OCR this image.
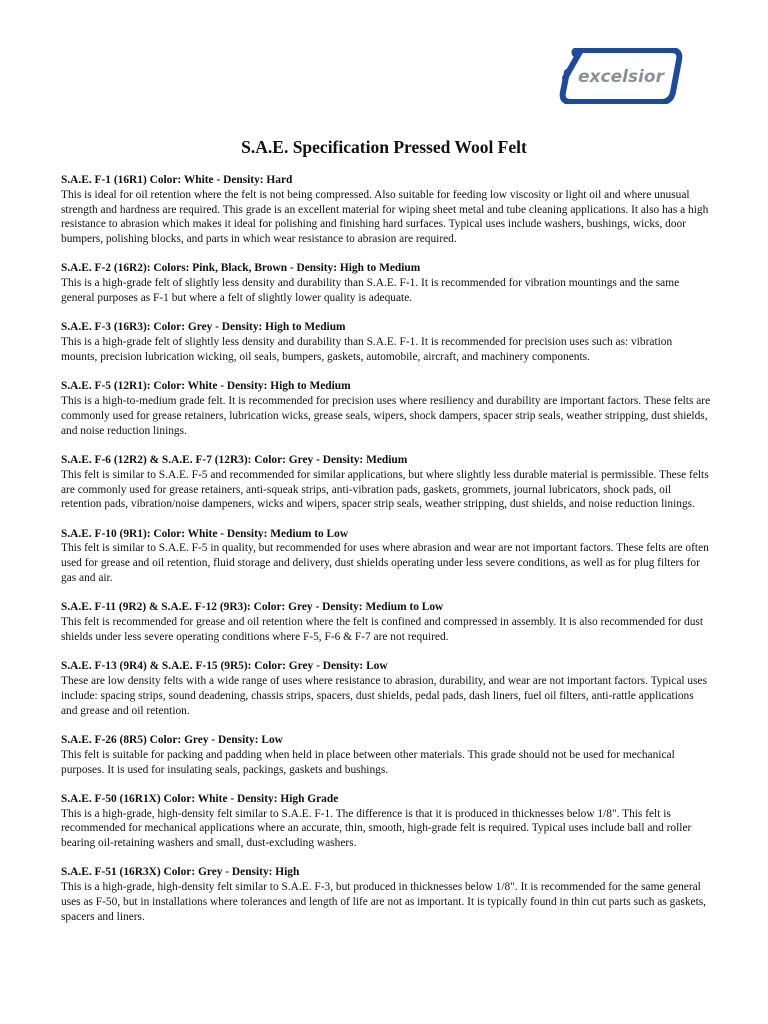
excelsior
S.A.E. Specification Pressed Wool Felt

S.A.E. F-1 (16R1) Color: White - Density: Hard

This is ideal for oil retention where the felt is not being compressed. Also suitable for feeding low viscosity or light oil and where unusual strength and hardness are required. This grade is an excellent material for wiping sheet metal and tube cleaning applications. It also has a high resistance to abrasion which makes it ideal for polishing and finishing hard surfaces. Typical uses include washers, bushings, wicks, door bumpers, polishing blocks, and parts in which wear resistance to abrasion are required.

S.A.E. F-2 (16R2): Colors: Pink, Black, Brown - Density: High to Medium

This is a high-grade felt of slightly less density and durability than S.A.E. F-1. It is recommended for vibration mountings and the same general purposes as F-1 but where a felt of slightly lower quality is adequate.

S.A.E. F-3 (16R3): Color: Grey - Density: High to Medium

This is a high-grade felt of slightly less density and durability than S.A.E. F-1. It is recommended for precision uses such as: vibration mounts, precision lubrication wicking, oil seals, bumpers, gaskets, automobile, aircraft, and machinery components.

S.A.E. F-5 (12R1): Color: White - Density: High to Medium

This is a high-to-medium grade felt. It is recommended for precision uses where resiliency and durability are important factors. These felts are commonly used for grease retainers, lubrication wicks, grease seals, wipers, shock dampers, spacer strip seals, weather stripping, dust shields, and noise reduction linings.

S.A.E. F-6 (12R2) & S.A.E. F-7 (12R3): Color: Grey - Density: Medium

This felt is similar to S.A.E. F-5 and recommended for similar applications, but where slightly less durable material is permissible. These felts are commonly used for grease retainers, anti-squeak strips, anti-vibration pads, gaskets, grommets, journal lubricators, shock pads, oil retention pads, vibration/noise dampeners, wicks and wipers, spacer strip seals, weather stripping, dust shields, and noise reduction linings.

S.A.E. F-10 (9R1): Color: White - Density: Medium to Low

This felt is similar to S.A.E. F-5 in quality, but recommended for uses where abrasion and wear are not important factors. These felts are often used for grease and oil retention, fluid storage and delivery, dust shields operating under less severe conditions, as well as for plug filters for gas and air.

S.A.E. F-11 (9R2) & S.A.E. F-12 (9R3): Color: Grey - Density: Medium to Low

This felt is recommended for grease and oil retention where the felt is confined and compressed in assembly. It is also recommended for dust shields under less severe operating conditions where F-5, F-6 & F-7 are not required.

S.A.E. F-13 (9R4) & S.A.E. F-15 (9R5): Color: Grey - Density: Low

These are low density felts with a wide range of uses where resistance to abrasion, durability, and wear are not important factors. Typical uses include: spacing strips, sound deadening, chassis strips, spacers, dust shields, pedal pads, dash liners, fuel oil filters, anti-rattle applications and grease and oil retention.

S.A.E. F-26 (8R5) Color: Grey - Density: Low

This felt is suitable for packing and padding when held in place between other materials. This grade should not be used for mechanical purposes. It is used for insulating seals, packings, gaskets and bushings.

S.A.E. F-50 (16R1X) Color: White - Density: High Grade

This is a high-grade, high-density felt similar to S.A.E. F-1. The difference is that it is produced in thicknesses below 1/8". This felt is recommended for mechanical applications where an accurate, thin, smooth, high-grade felt is required. Typical uses include ball and roller bearing oil-retaining washers and small, dust-excluding washers.

S.A.E. F-51 (16R3X) Color: Grey - Density: High

This is a high-grade, high-density felt similar to S.A.E. F-3, but produced in thicknesses below 1/8". It is recommended for the same general uses as F-50, but in installations where tolerances and length of life are not as important. It is typically found in thin cut parts such as gaskets, spacers and liners.
